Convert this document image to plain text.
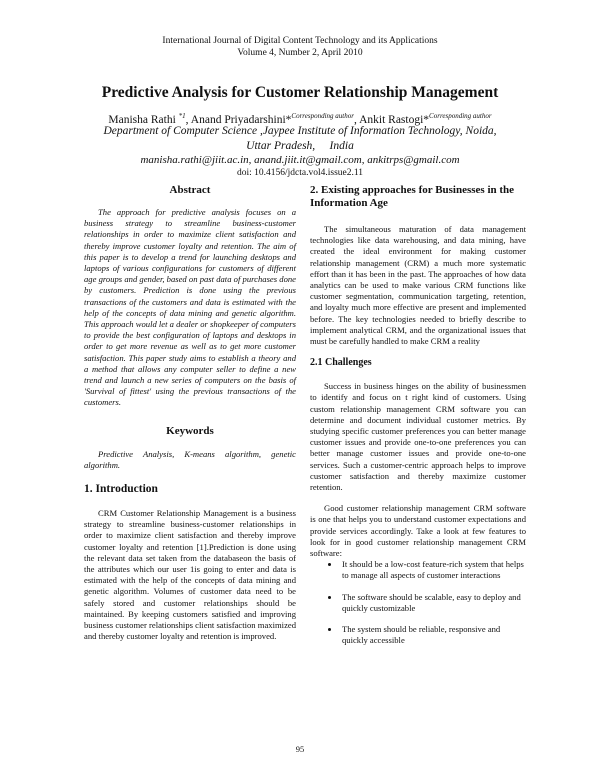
International Journal of Digital Content Technology and its Applications
Volume 4, Number 2, April 2010
Predictive Analysis for Customer Relationship Management
Manisha Rathi $^{*1}$, Anand Priyadarshini*$^{Corresponding author}$, Ankit Rastogi*$^{Corresponding author}$
Department of Computer Science ,Jaypee Institute of Information Technology, Noida,
Uttar Pradesh,     India
manisha.rathi@jiit.ac.in, anand.jiit.it@gmail.com, ankitrps@gmail.com
doi: 10.4156/jdcta.vol4.issue2.11
Abstract

The approach for predictive analysis focuses on a business strategy to streamline business-customer relationships in order to maximize client satisfaction and thereby improve customer loyalty and retention. The aim of this paper is to develop a trend for launching desktops and laptops of various configurations for customers of different age groups and gender, based on past data of purchases done by customers. Prediction is done using the previous transactions of the customers and data is estimated with the help of the concepts of data mining and genetic algorithm. This approach would let a dealer or shopkeeper of computers to provide the best configuration of laptops and desktops in order to get more revenue as well as to get more customer satisfaction. This paper study aims to establish a theory and a method that allows any computer seller to define a new trend and launch a new series of computers on the basis of 'Survival of fittest' using the previous transactions of the customers.

Keywords

Predictive Analysis, K-means algorithm, genetic algorithm.

1. Introduction

CRM Customer Relationship Management is a business strategy to streamline business-customer relationships in order to maximize client satisfaction and thereby improve customer loyalty and retention [1].Prediction is done using the relevant data set taken from the databaseon the basis of the attributes which our user 1is going to enter and data is estimated with the help of the concepts of data mining and genetic algorithm. Volumes of customer data need to be safely stored and customer relationships should be maintained. By keeping customers satisfied and improving business customer relationships client satisfaction maximized and thereby customer loyalty and retention is improved.

2. Existing approaches for Businesses in the Information Age

The simultaneous maturation of data management technologies like data warehousing, and data mining, have created the ideal environment for making customer relationship management (CRM) a much more systematic effort than it has been in the past. The approaches of how data analytics can be used to make various CRM functions like customer segmentation, communication targeting, retention, and loyalty much more effective are present and implemented before. The key technologies needed to briefly describe to implement analytical CRM, and the organizational issues that must be carefully handled to make CRM a reality

2.1 Challenges

Success in business hinges on the ability of businessmen to identify and focus on t right kind of customers. Using custom relationship management CRM software you can determine and document individual customer metrics. By studying specific customer preferences you can better manage customer issues and provide one-to-one preferences you can better manage customer issues and provide one-to-one services. Such a customer-centric approach helps to improve customer satisfaction and thereby maximize customer retention.

Good customer relationship management CRM software is one that helps you to understand customer expectations and provide services accordingly. Take a look at few features to look for in good customer relationship management CRM software:

• It should be a low-cost feature-rich system that helps to manage all aspects of customer interactions
• The software should be scalable, easy to deploy and quickly customizable
• The system should be reliable, responsive and quickly accessible
95
